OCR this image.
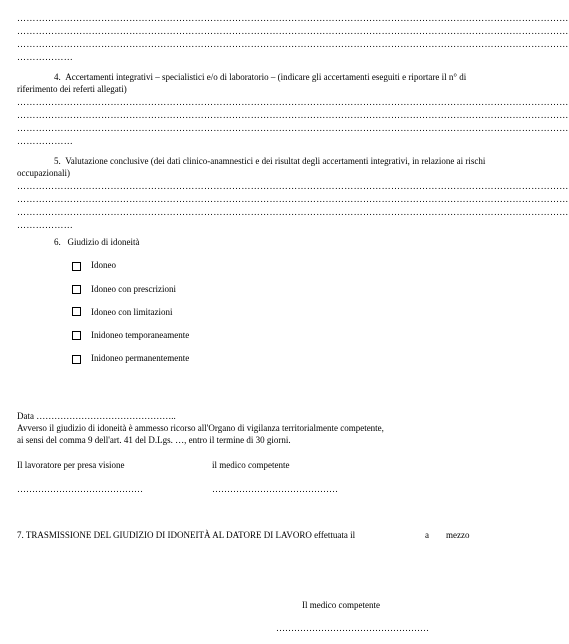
……………………………………………………………………………………………………………………………………………………………
……………………………………………………………………………………………………………………………………………………………
……………………………………………………………………………………………………………………………………………………………
………………
4. Accertamenti integrativi – specialistici e/o di laboratorio – (indicare gli accertamenti eseguiti e riportare il n° di riferimento dei referti allegati)
……………………………………………………………………………………………………………………………………………………………
……………………………………………………………………………………………………………………………………………………………
……………………………………………………………………………………………………………………………………………………………
………………
5. Valutazione conclusive (dei dati clinico-anamnestici e dei risultat degli accertamenti integrativi, in relazione ai rischi occupazionali)
……………………………………………………………………………………………………………………………………………………………
……………………………………………………………………………………………………………………………………………………………
……………………………………………………………………………………………………………………………………………………………
………………
6. Giudizio di idoneità
Idoneo
Idoneo con prescrizioni
Idoneo con limitazioni
Inidoneo temporaneamente
Inidoneo permanentemente
Data ………………………………………..
Avverso il giudizio di idoneità è ammesso ricorso all'Organo di vigilanza territorialmente competente,
ai sensi del comma 9 dell'art. 41 del D.Lgs. …, entro il termine di 30 giorni.
Il lavoratore per presa visione	il medico competente
……………………………………	……………………………………
7. TRASMISSIONE DEL GIUDIZIO DI IDONEITÀ AL DATORE DI LAVORO effettuata il	a mezzo
Il medico competente
……………………………………………
